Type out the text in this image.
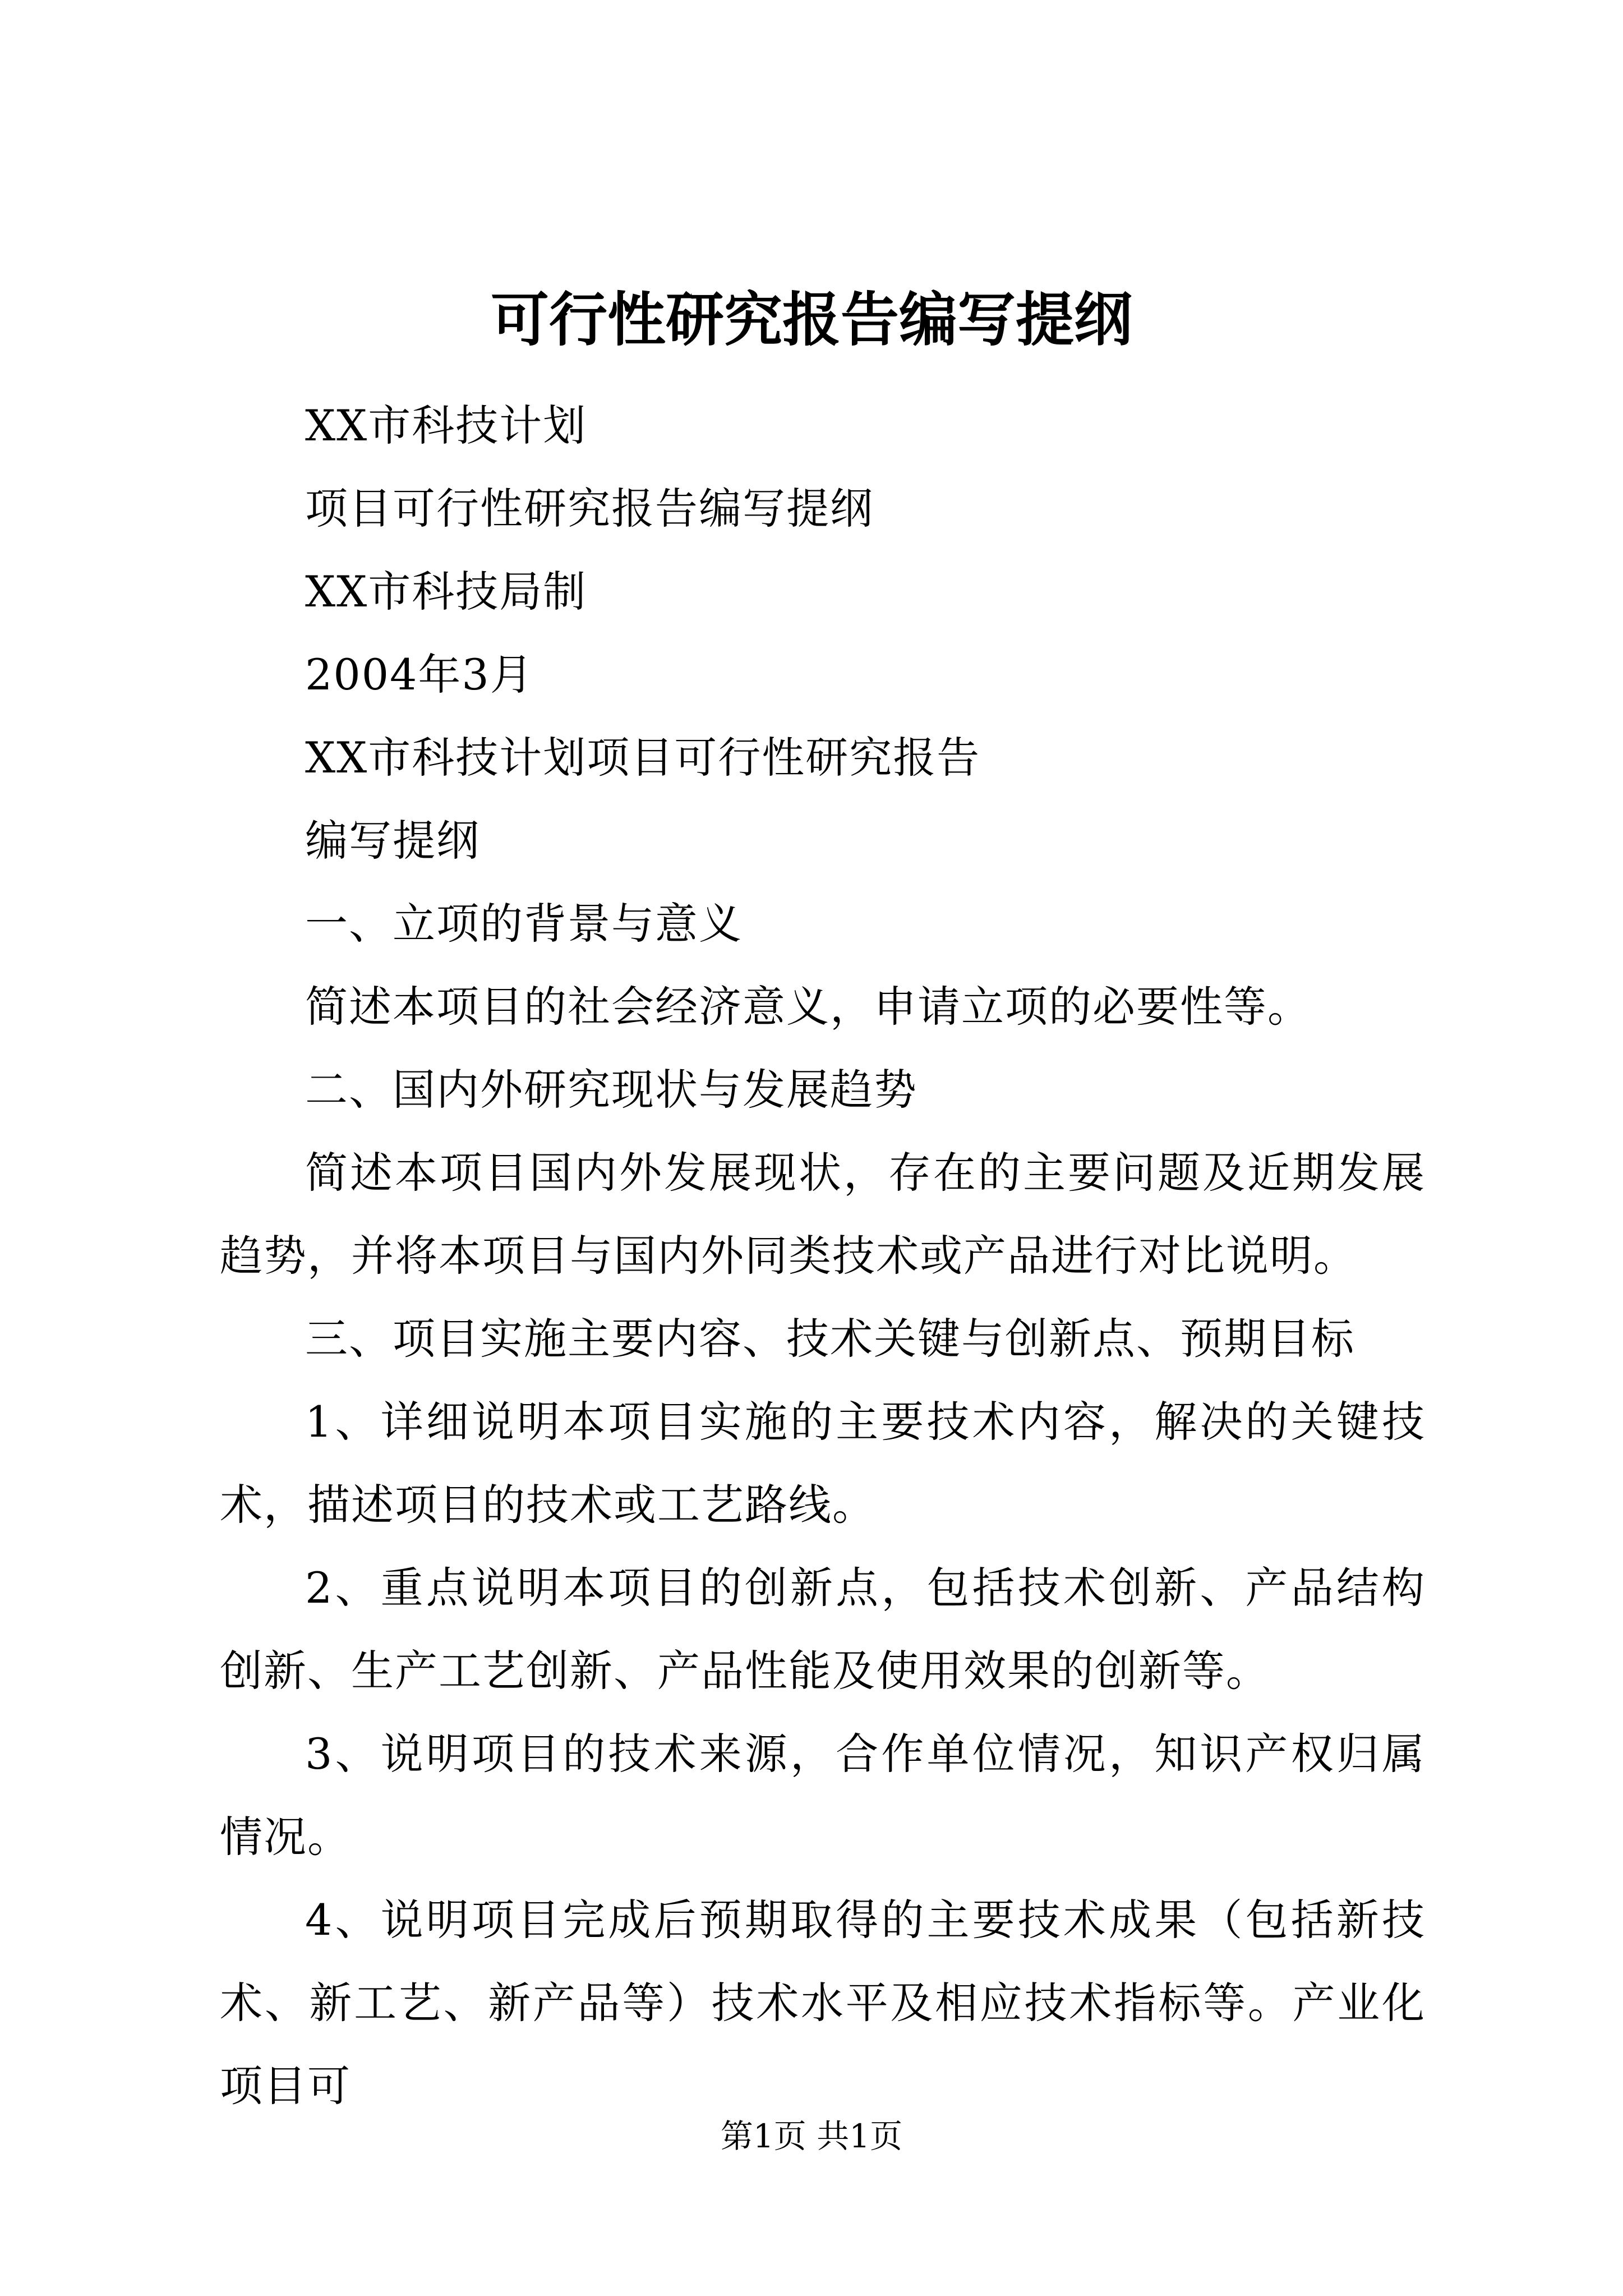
可行性研究报告编写提纲

XX市科技计划

项目可行性研究报告编写提纲

XX市科技局制

2004年3月

XX市科技计划项目可行性研究报告

编写提纲

一、立项的背景与意义

简述本项目的社会经济意义，申请立项的必要性等。

二、国内外研究现状与发展趋势

简述本项目国内外发展现状，存在的主要问题及近期发展趋势，并将本项目与国内外同类技术或产品进行对比说明。

三、项目实施主要内容、技术关键与创新点、预期目标

1、详细说明本项目实施的主要技术内容，解决的关键技术，描述项目的技术或工艺路线。

2、重点说明本项目的创新点，包括技术创新、产品结构创新、生产工艺创新、产品性能及使用效果的创新等。

3、说明项目的技术来源，合作单位情况，知识产权归属情况。

4、说明项目完成后预期取得的主要技术成果（包括新技术、新工艺、新产品等）技术水平及相应技术指标等。产业化项目可

第1页 共1页
